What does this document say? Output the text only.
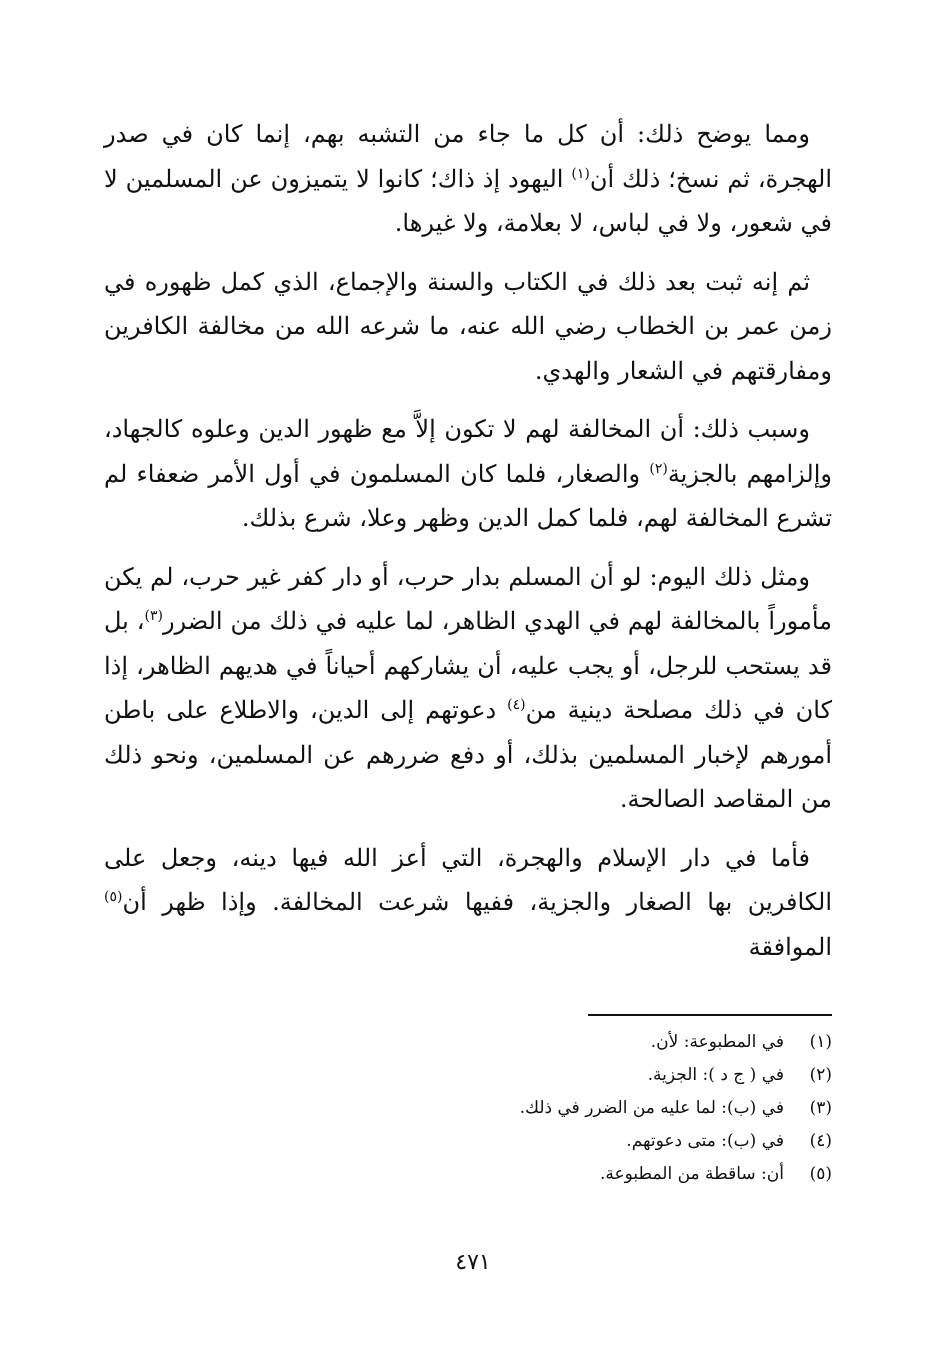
ومما يوضح ذلك: أن كل ما جاء من التشبه بهم، إنما كان في صدر الهجرة، ثم نسخ؛ ذلك أن$^{(١)}$ اليهود إذ ذاك؛ كانوا لا يتميزون عن المسلمين لا في شعور، ولا في لباس، لا بعلامة، ولا غيرها.

ثم إنه ثبت بعد ذلك في الكتاب والسنة والإجماع، الذي كمل ظهوره في زمن عمر بن الخطاب رضي الله عنه، ما شرعه الله من مخالفة الكافرين ومفارقتهم في الشعار والهدي.

وسبب ذلك: أن المخالفة لهم لا تكون إلاَّ مع ظهور الدين وعلوه كالجهاد، وإلزامهم بالجزية$^{(٢)}$ والصغار، فلما كان المسلمون في أول الأمر ضعفاء لم تشرع المخالفة لهم، فلما كمل الدين وظهر وعلا، شرع بذلك.

ومثل ذلك اليوم: لو أن المسلم بدار حرب، أو دار كفر غير حرب، لم يكن مأموراً بالمخالفة لهم في الهدي الظاهر، لما عليه في ذلك من الضرر$^{(٣)}$، بل قد يستحب للرجل، أو يجب عليه، أن يشاركهم أحياناً في هديهم الظاهر، إذا كان في ذلك مصلحة دينية من$^{(٤)}$ دعوتهم إلى الدين، والاطلاع على باطن أمورهم لإخبار المسلمين بذلك، أو دفع ضررهم عن المسلمين، ونحو ذلك من المقاصد الصالحة.

فأما في دار الإسلام والهجرة، التي أعز الله فيها دينه، وجعل على الكافرين بها الصغار والجزية، ففيها شرعت المخالفة. وإذا ظهر أن$^{(٥)}$ الموافقة

(١)
في المطبوعة: لأن.
(٢)
في ( ج د ): الجزية.
(٣)
في (ب): لما عليه من الضرر في ذلك.
(٤)
في (ب): متى دعوتهم.
(٥)
أن: ساقطة من المطبوعة.
٤٧١
